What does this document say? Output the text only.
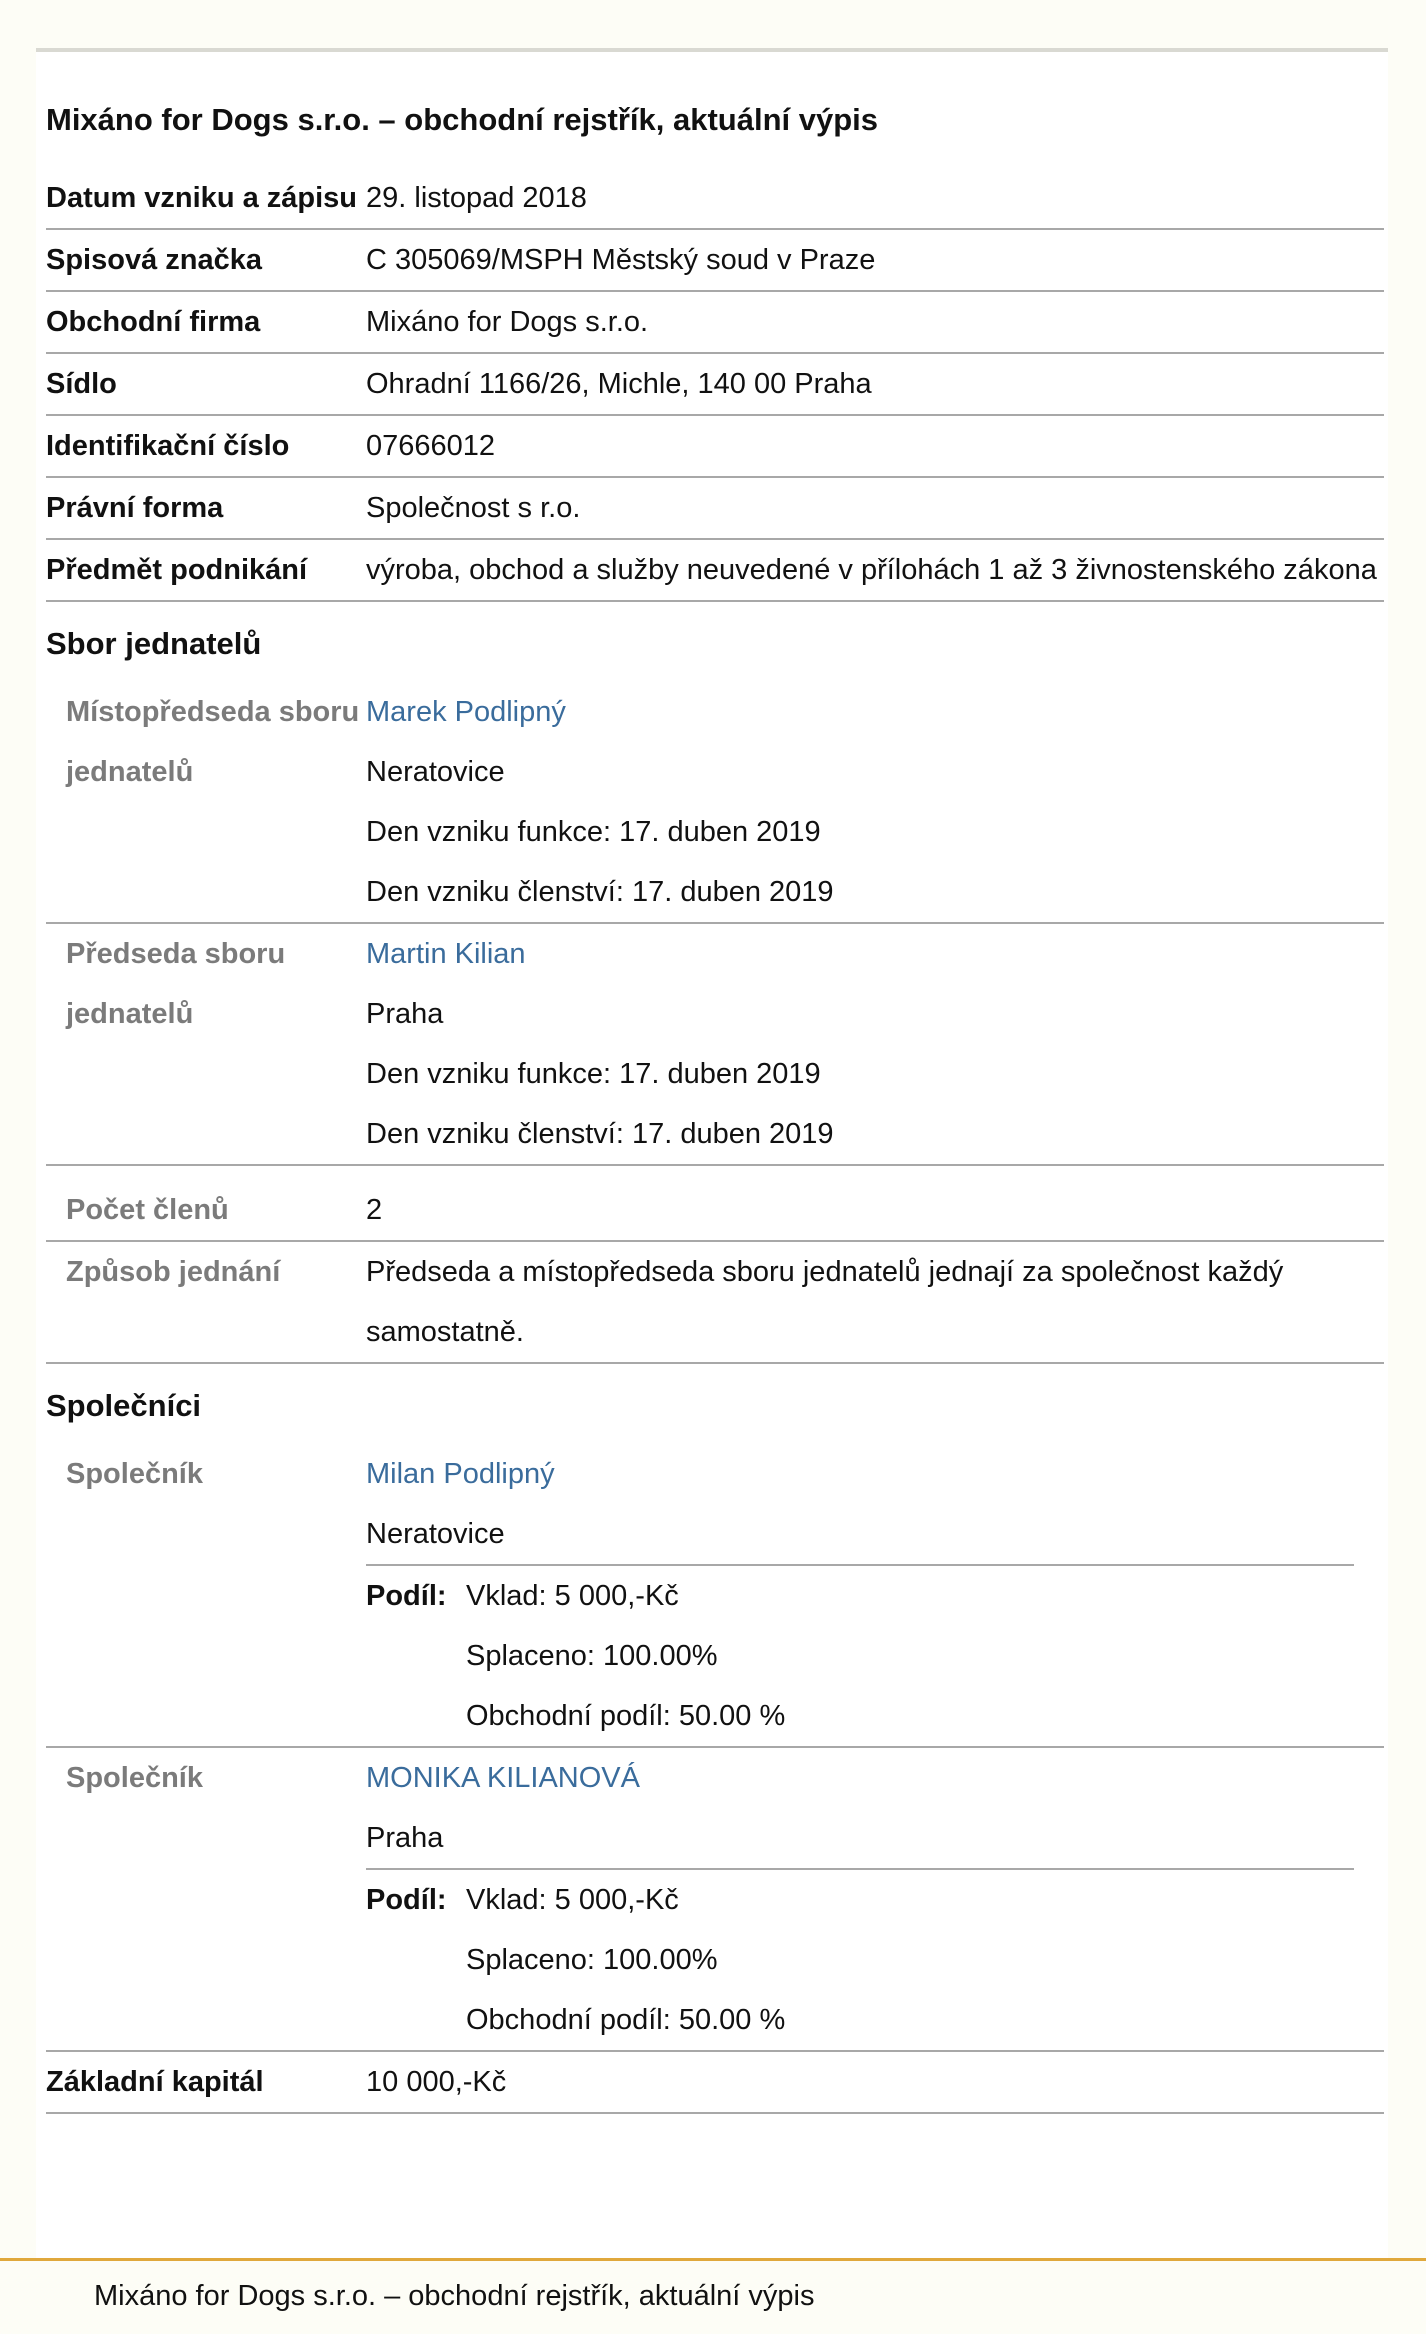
Mixáno for Dogs s.r.o. – obchodní rejstřík, aktuální výpis
Datum vzniku a zápisu 29. listopad 2018
Spisová značka	C 305069/MSPH Městský soud v Praze
Obchodní firma	Mixáno for Dogs s.r.o.
Sídlo	Ohradní 1166/26, Michle, 140 00 Praha
Identifikační číslo	07666012
Právní forma	Společnost s r.o.
Předmět podnikání	výroba, obchod a služby neuvedené v přílohách 1 až 3 živnostenského zákona
Sbor jednatelů
Místopředseda sboru jednatelů
Marek Podlipný
Neratovice
Den vzniku funkce: 17. duben 2019
Den vzniku členství: 17. duben 2019
Předseda sboru jednatelů
Martin Kilian
Praha
Den vzniku funkce: 17. duben 2019
Den vzniku členství: 17. duben 2019
Počet členů	2
Způsob jednání	Předseda a místopředseda sboru jednatelů jednají za společnost každý samostatně.
Společníci
Společník	Milan Podlipný
Neratovice
Podíl: Vklad: 5 000,-Kč
Splaceno: 100.00%
Obchodní podíl: 50.00 %
Společník	MONIKA KILIANOVÁ
Praha
Podíl: Vklad: 5 000,-Kč
Splaceno: 100.00%
Obchodní podíl: 50.00 %
Základní kapitál	10 000,-Kč
Mixáno for Dogs s.r.o. – obchodní rejstřík, aktuální výpis
